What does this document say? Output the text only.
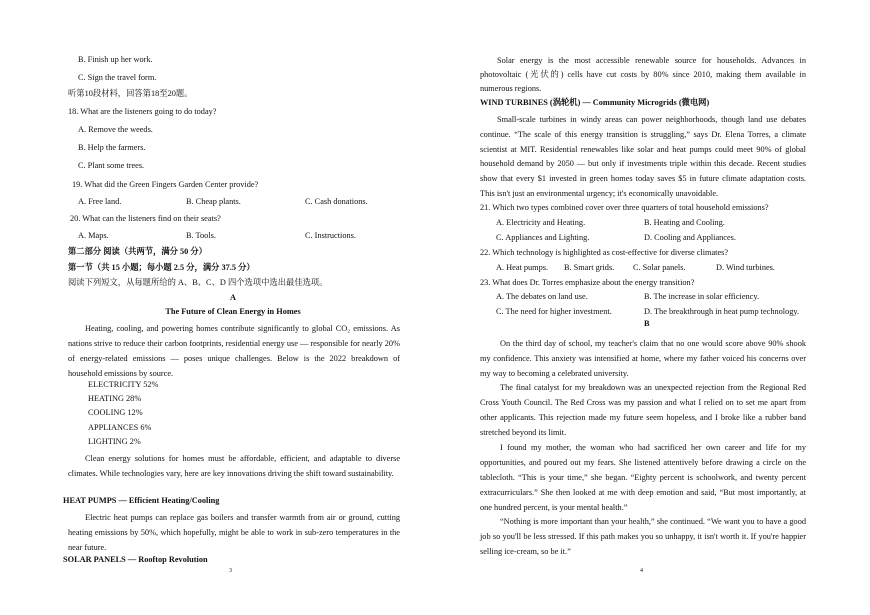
B. Finish up her work.
C. Sign the travel form.
听第10段材料，回答第18至20题。
18. What are the listeners going to do today?
A. Remove the weeds.
B. Help the farmers.
C. Plant some trees.
19. What did the Green Fingers Garden Center provide?
A. Free land.	B. Cheap plants.	C. Cash donations.
20. What can the listeners find on their seats?
A. Maps.	B. Tools.	C. Instructions.
第二部分 阅读（共两节，满分 50 分）
第一节（共 15 小题；每小题 2.5 分，满分 37.5 分）
阅读下列短文，从每题所给的 A、B、C、D 四个选项中选出最佳选项。
A
The Future of Clean Energy in Homes
Heating, cooling, and powering homes contribute significantly to global CO₂ emissions. As nations strive to reduce their carbon footprints, residential energy use — responsible for nearly 20% of energy-related emissions — poses unique challenges. Below is the 2022 breakdown of household emissions by source.
ELECTRICITY 52%
HEATING 28%
COOLING 12%
APPLIANCES 6%
LIGHTING 2%
Clean energy solutions for homes must be affordable, efficient, and adaptable to diverse climates. While technologies vary, here are key innovations driving the shift toward sustainability.
HEAT PUMPS — Efficient Heating/Cooling
Electric heat pumps can replace gas boilers and transfer warmth from air or ground, cutting heating emissions by 50%, which hopefully, might be able to work in sub-zero temperatures in the near future.
SOLAR PANELS — Rooftop Revolution
3
Solar energy is the most accessible renewable source for households. Advances in photovoltaic (光伏的) cells have cut costs by 80% since 2010, making them available in numerous regions.
WIND TURBINES (涡轮机) — Community Microgrids (微电网)
Small-scale turbines in windy areas can power neighborhoods, though land use debates continue. “The scale of this energy transition is struggling,” says Dr. Elena Torres, a climate scientist at MIT. Residential renewables like solar and heat pumps could meet 90% of global household demand by 2050 — but only if investments triple within this decade. Recent studies show that every $1 invested in green homes today saves $5 in future climate adaptation costs. This isn't just an environmental urgency; it's economically unavoidable.
21. Which two types combined cover over three quarters of total household emissions?
A. Electricity and Heating.	B. Heating and Cooling.
C. Appliances and Lighting.	D. Cooling and Appliances.
22. Which technology is highlighted as cost-effective for diverse climates?
A. Heat pumps. B. Smart grids. C. Solar panels.	D. Wind turbines.
23. What does Dr. Torres emphasize about the energy transition?
A. The debates on land use.	B. The increase in solar efficiency.
C. The need for higher investment.	D. The breakthrough in heat pump technology.
B
On the third day of school, my teacher's claim that no one would score above 90% shook my confidence. This anxiety was intensified at home, where my father voiced his concerns over my way to becoming a celebrated university.
The final catalyst for my breakdown was an unexpected rejection from the Regional Red Cross Youth Council. The Red Cross was my passion and what I relied on to set me apart from other applicants. This rejection made my future seem hopeless, and I broke like a rubber band stretched beyond its limit.
I found my mother, the woman who had sacrificed her own career and life for my opportunities, and poured out my fears. She listened attentively before drawing a circle on the tablecloth. “This is your time,” she began. “Eighty percent is schoolwork, and twenty percent extracurriculars.” She then looked at me with deep emotion and said, “But most importantly, at one hundred percent, is your mental health.”
“Nothing is more important than your health,” she continued. “We want you to have a good job so you'll be less stressed. If this path makes you so unhappy, it isn't worth it. If you're happier selling ice-cream, so be it.”
4
